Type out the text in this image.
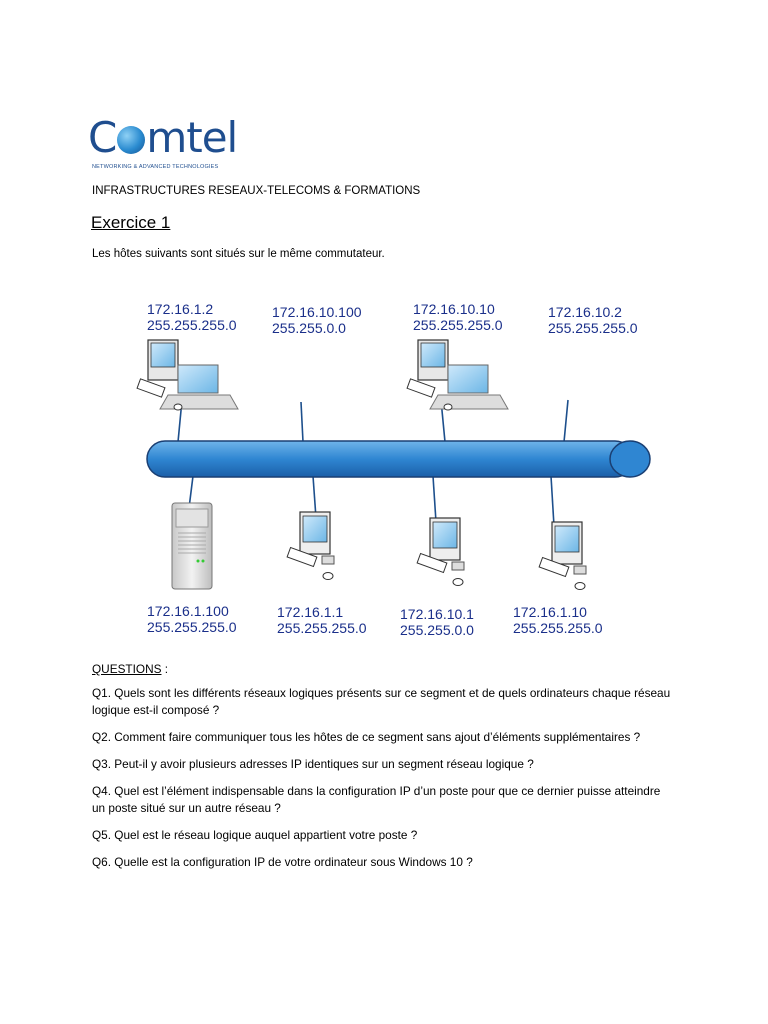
C mtel
NETWORKING & ADVANCED TECHNOLOGIES
INFRASTRUCTURES RESEAUX-TELECOMS & FORMATIONS
Exercice 1
Les hôtes suivants sont situés sur le même commutateur.
172.16.1.2
255.255.255.0
172.16.10.100
255.255.0.0
172.16.10.10
255.255.255.0
172.16.10.2
255.255.255.0
172.16.1.100
255.255.255.0
172.16.1.1
255.255.255.0
172.16.10.1
255.255.0.0
172.16.1.10
255.255.255.0
QUESTIONS :
Q1. Quels sont les différents réseaux logiques présents sur ce segment et de quels ordinateurs chaque réseau logique est-il composé ?
Q2. Comment faire communiquer tous les hôtes de ce segment sans ajout d’éléments supplémentaires ?
Q3. Peut-il y avoir plusieurs adresses IP identiques sur un segment réseau logique ?
Q4. Quel est l’élément indispensable dans la configuration IP d’un poste pour que ce dernier puisse atteindre un poste situé sur un autre réseau ?
Q5. Quel est le réseau logique auquel appartient votre poste ?
Q6. Quelle est la configuration IP de votre ordinateur sous Windows 10 ?
